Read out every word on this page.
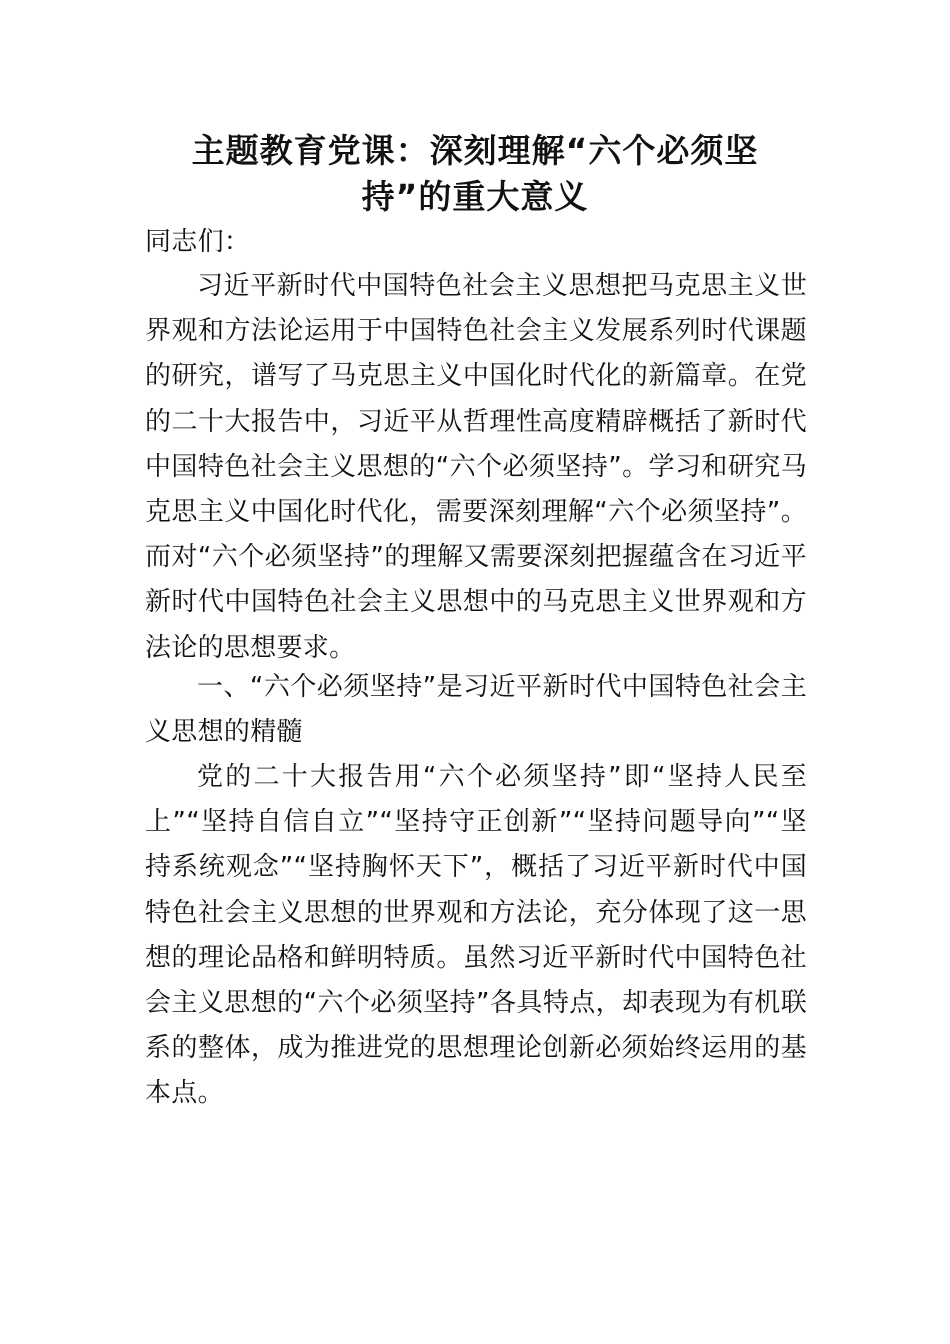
主题教育党课：深刻理解“六个必须坚持”的重大意义

同志们：

习近平新时代中国特色社会主义思想把马克思主义世界观和方法论运用于中国特色社会主义发展系列时代课题的研究，谱写了马克思主义中国化时代化的新篇章。在党的二十大报告中，习近平从哲理性高度精辟概括了新时代中国特色社会主义思想的“六个必须坚持”。学习和研究马克思主义中国化时代化，需要深刻理解“六个必须坚持”。而对“六个必须坚持”的理解又需要深刻把握蕴含在习近平新时代中国特色社会主义思想中的马克思主义世界观和方法论的思想要求。

一、“六个必须坚持”是习近平新时代中国特色社会主义思想的精髓

党的二十大报告用“六个必须坚持”即“坚持人民至上”“坚持自信自立”“坚持守正创新”“坚持问题导向”“坚持系统观念”“坚持胸怀天下”，概括了习近平新时代中国特色社会主义思想的世界观和方法论，充分体现了这一思想的理论品格和鲜明特质。虽然习近平新时代中国特色社会主义思想的“六个必须坚持”各具特点，却表现为有机联系的整体，成为推进党的思想理论创新必须始终运用的基本点。
